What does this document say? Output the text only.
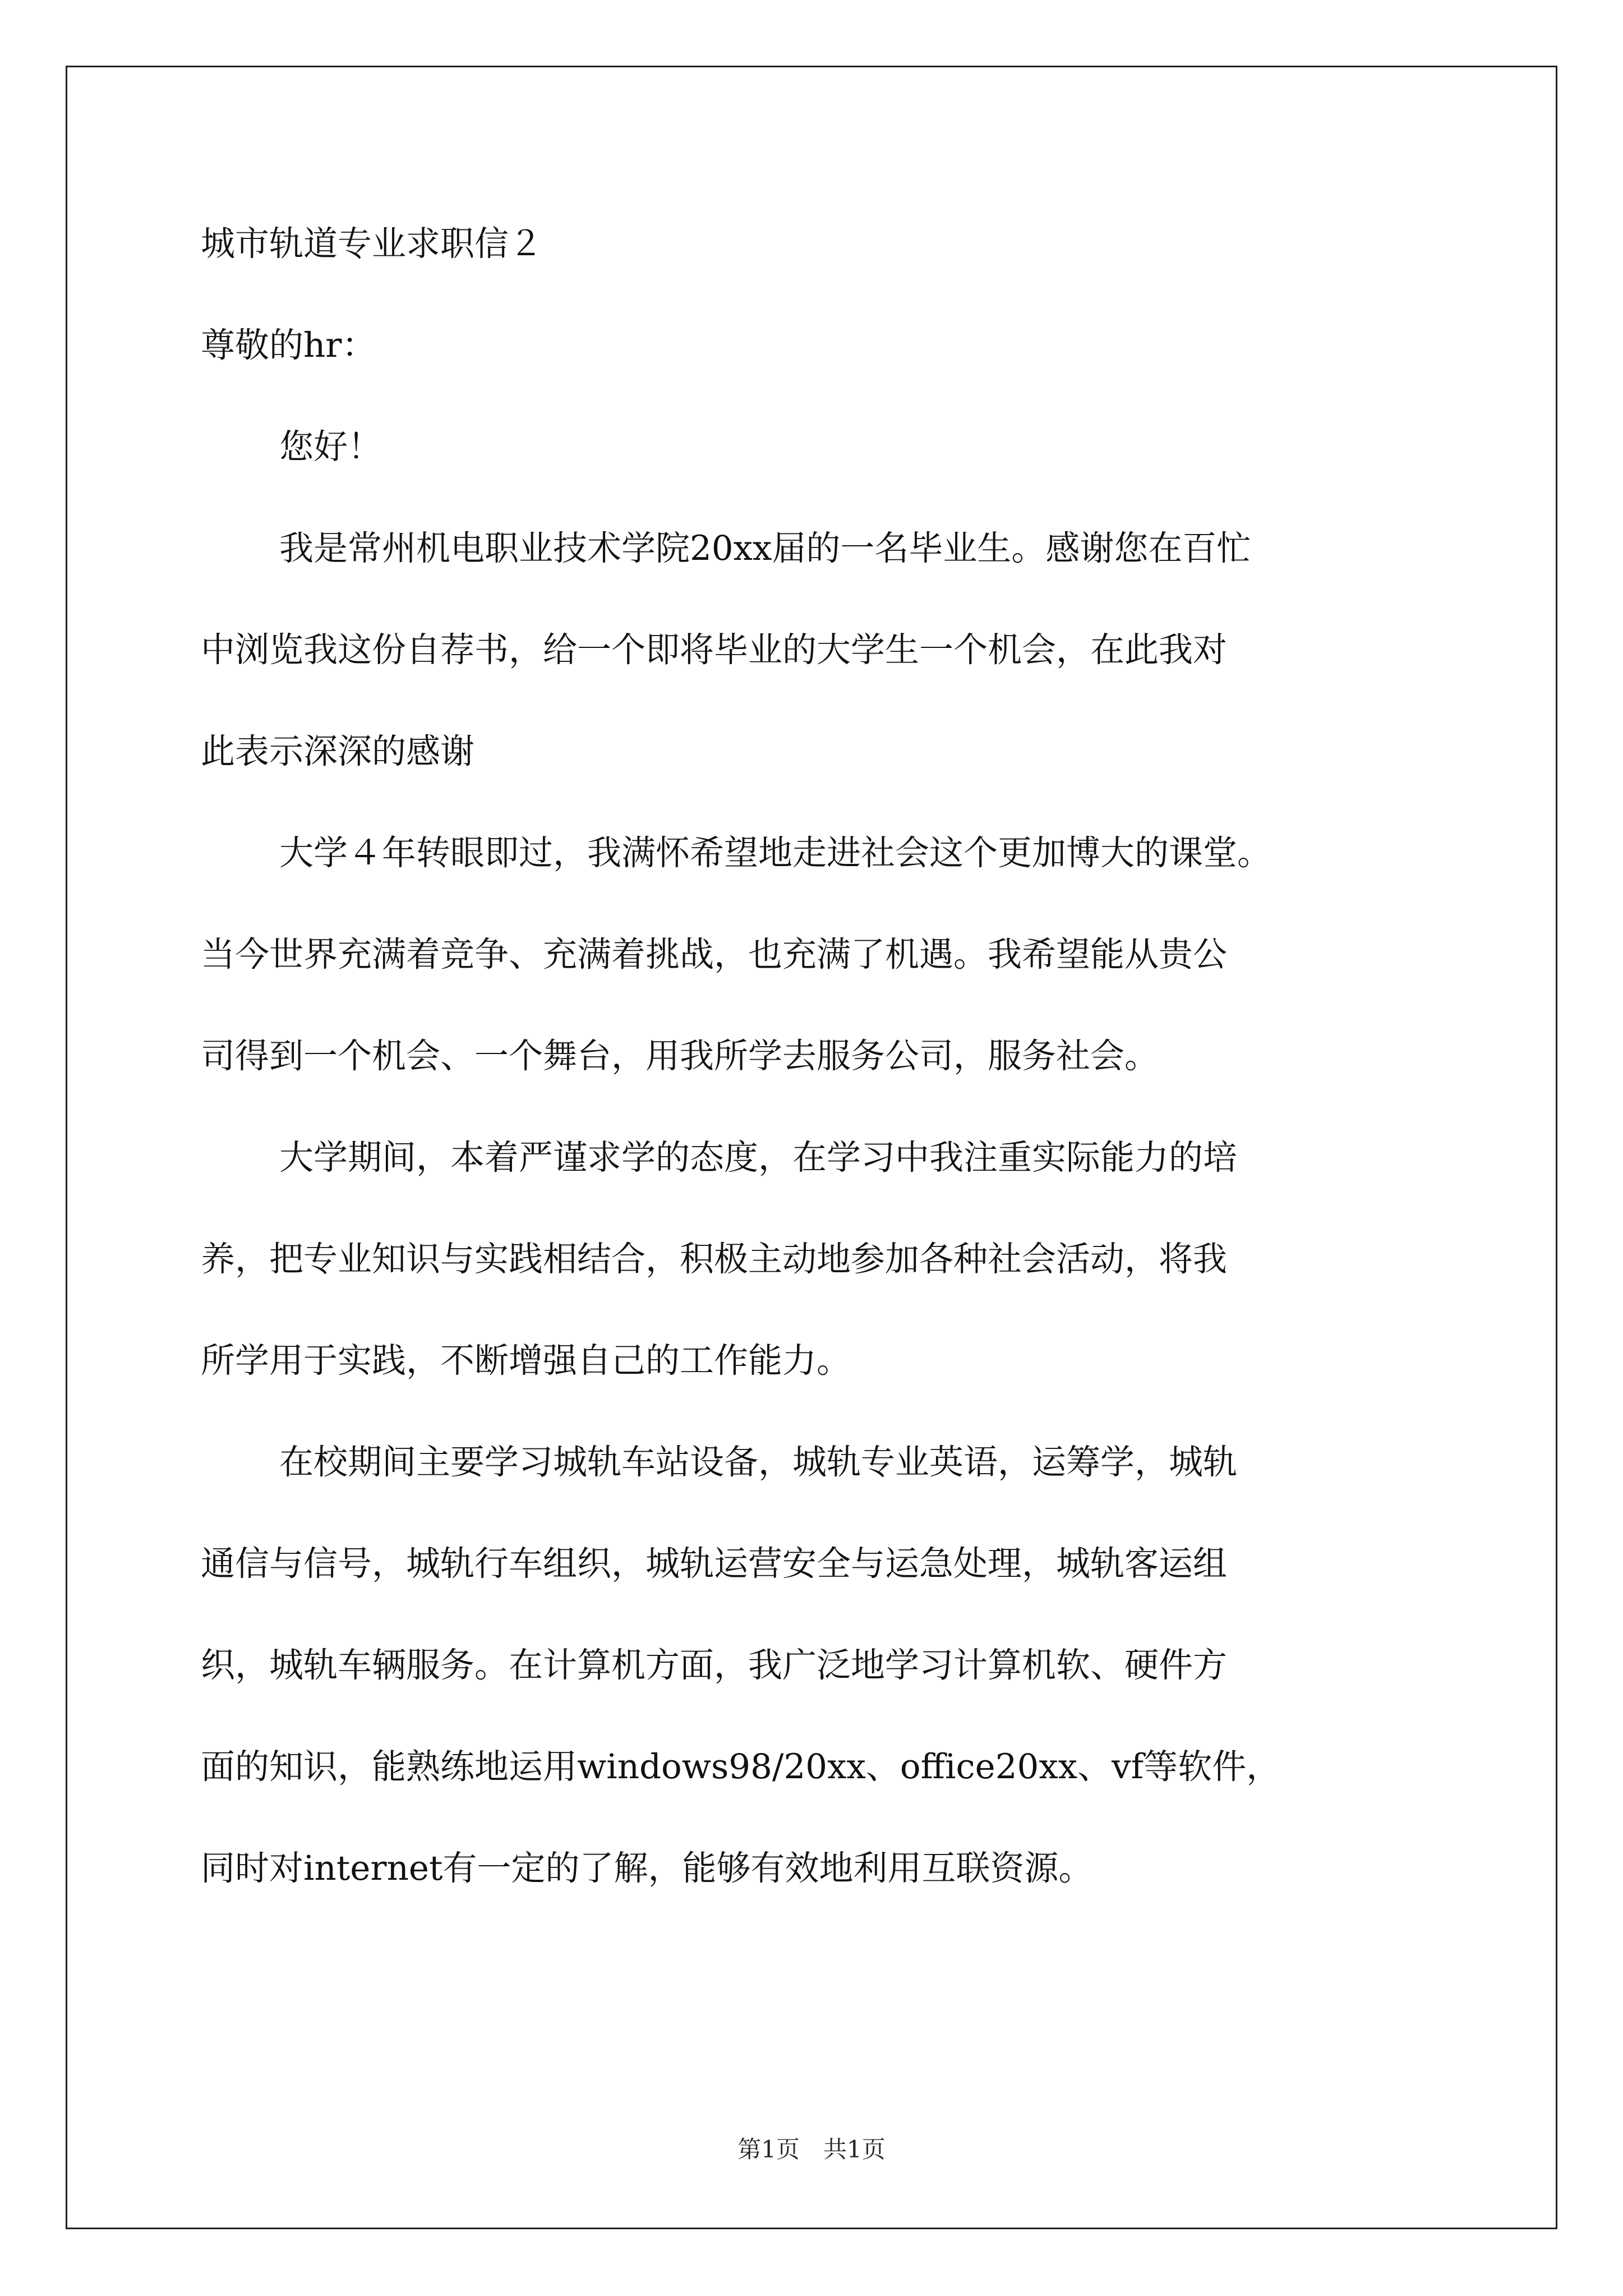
城市轨道专业求职信２

尊敬的hr：

您好！

我是常州机电职业技术学院20xx届的一名毕业生。感谢您在百忙

中浏览我这份自荐书，给一个即将毕业的大学生一个机会，在此我对

此表示深深的感谢

大学４年转眼即过，我满怀希望地走进社会这个更加博大的课堂。

当今世界充满着竞争、充满着挑战，也充满了机遇。我希望能从贵公

司得到一个机会、一个舞台，用我所学去服务公司，服务社会。

大学期间，本着严谨求学的态度，在学习中我注重实际能力的培

养，把专业知识与实践相结合，积极主动地参加各种社会活动，将我

所学用于实践，不断增强自己的工作能力。

在校期间主要学习城轨车站设备，城轨专业英语，运筹学，城轨

通信与信号，城轨行车组织，城轨运营安全与运急处理，城轨客运组

织，城轨车辆服务。在计算机方面，我广泛地学习计算机软、硬件方

面的知识，能熟练地运用windows98/20xx、office20xx、vf等软件，

同时对internet有一定的了解，能够有效地利用互联资源。

第1页　共1页
